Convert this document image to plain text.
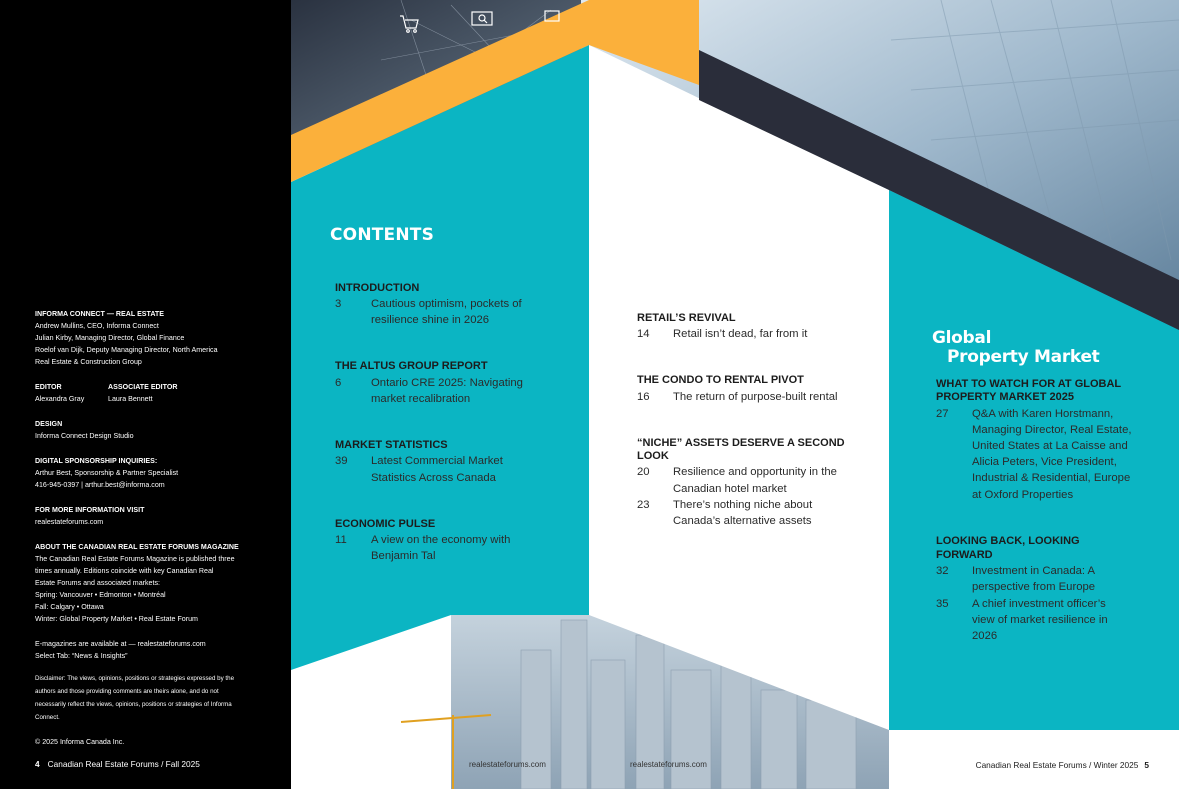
INFORMA CONNECT — REAL ESTATE
Andrew Mullins, CEO, Informa Connect
Julian Kirby, Managing Director, Global Finance
Roelof van Dijk, Deputy Managing Director, North America
Real Estate & Construction Group
EDITOR
Alexandra Gray
ASSOCIATE EDITOR
Laura Bennett
DESIGN
Informa Connect Design Studio
DIGITAL SPONSORSHIP INQUIRIES:
Arthur Best, Sponsorship & Partner Specialist
416-945-0397 | arthur.best@informa.com
FOR MORE INFORMATION VISIT
realestateforums.com
ABOUT THE CANADIAN REAL ESTATE FORUMS MAGAZINE
The Canadian Real Estate Forums Magazine is published three
times annually. Editions coincide with key Canadian Real
Estate Forums and associated markets:
Spring: Vancouver • Edmonton • Montréal
Fall: Calgary • Ottawa
Winter: Global Property Market • Real Estate Forum
E-magazines are available at — realestateforums.com
Select Tab: “News & Insights”
Disclaimer: The views, opinions, positions or strategies expressed by the authors and those providing comments are theirs alone, and do not necessarily reflect the views, opinions, positions or strategies of Informa Connect.
© 2025 Informa Canada Inc.
4 Canadian Real Estate Forums / Fall 2025
CONTENTS
INTRODUCTION
3	Cautious optimism, pockets of
resilience shine in 2026
THE ALTUS GROUP REPORT
6	Ontario CRE 2025: Navigating
market recalibration
MARKET STATISTICS
39 Latest Commercial Market
Statistics Across Canada
ECONOMIC PULSE
11 A view on the economy with
Benjamin Tal
RETAIL’S REVIVAL
14 Retail isn’t dead, far from it
THE CONDO TO RENTAL PIVOT
16 The return of purpose-built rental
“NICHE” ASSETS DESERVE A SECOND
LOOK
20 Resilience and opportunity in the
Canadian hotel market
23 There’s nothing niche about
Canada’s alternative assets
Global
Property Market
WHAT TO WATCH FOR AT GLOBAL
PROPERTY MARKET 2025
27 Q&A with Karen Horstmann,
Managing Director, Real Estate,
United States at La Caisse and
Alicia Peters, Vice President,
Industrial & Residential, Europe
at Oxford Properties
LOOKING BACK, LOOKING
FORWARD
32 Investment in Canada: A
perspective from Europe
35 A chief investment officer’s
view of market resilience in
2026
realestateforums.com	realestateforums.com	Canadian Real Estate Forums / Winter 2025 5
